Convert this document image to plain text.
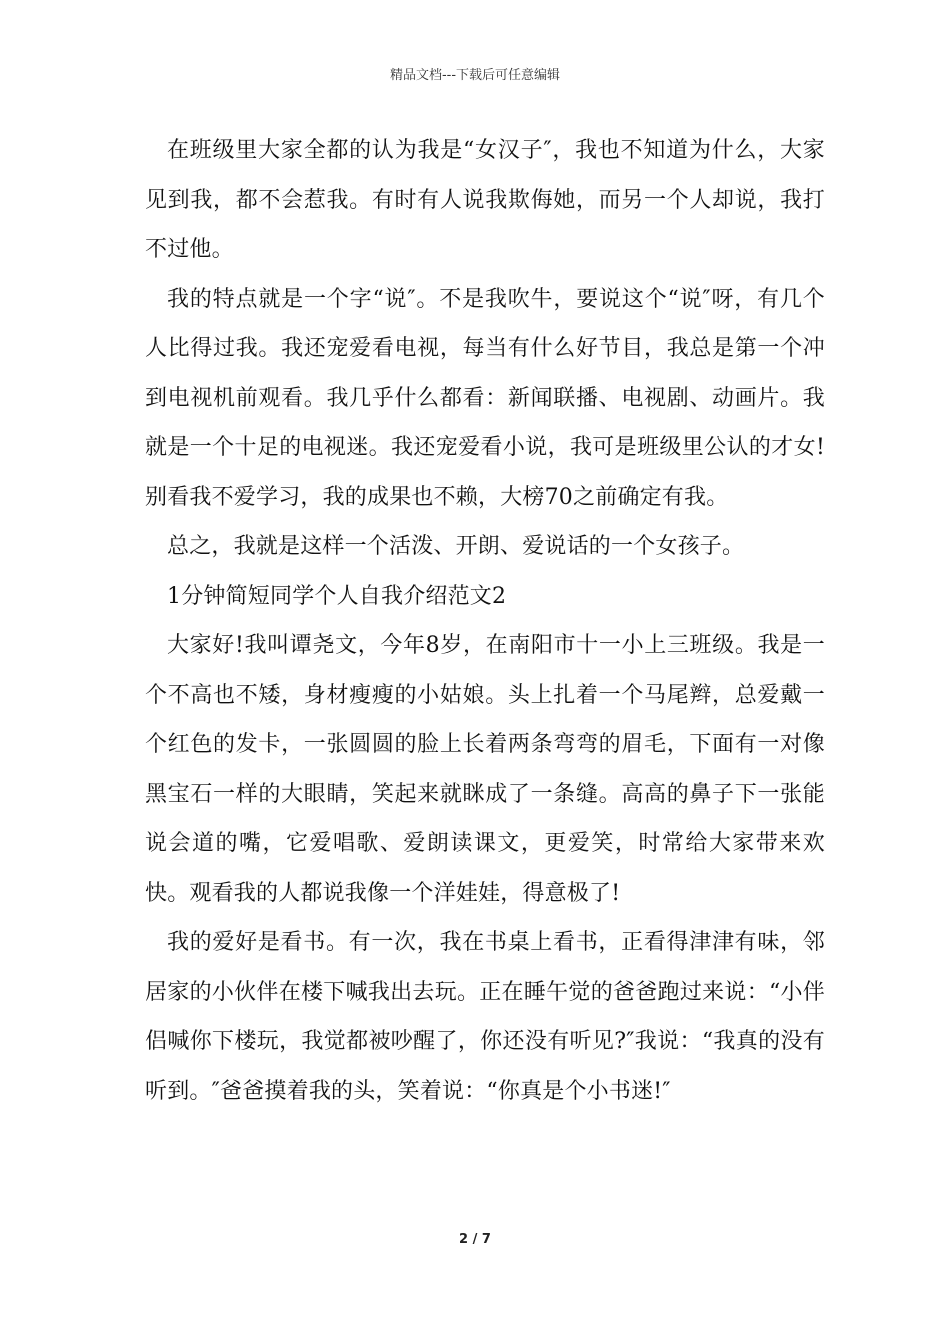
精品文档---下载后可任意编辑

在班级里大家全都的认为我是“女汉子″，我也不知道为什么，大家见到我，都不会惹我。有时有人说我欺侮她，而另一个人却说，我打不过他。

我的特点就是一个字“说″。不是我吹牛，要说这个“说″呀，有几个人比得过我。我还宠爱看电视，每当有什么好节目，我总是第一个冲到电视机前观看。我几乎什么都看：新闻联播、电视剧、动画片。我就是一个十足的电视迷。我还宠爱看小说，我可是班级里公认的才女!别看我不爱学习，我的成果也不赖，大榜70之前确定有我。

总之，我就是这样一个活泼、开朗、爱说话的一个女孩子。

1分钟简短同学个人自我介绍范文2

大家好!我叫谭尧文，今年8岁，在南阳市十一小上三班级。我是一个不高也不矮，身材瘦瘦的小姑娘。头上扎着一个马尾辫，总爱戴一个红色的发卡，一张圆圆的脸上长着两条弯弯的眉毛，下面有一对像黑宝石一样的大眼睛，笑起来就眯成了一条缝。高高的鼻子下一张能说会道的嘴，它爱唱歌、爱朗读课文，更爱笑，时常给大家带来欢快。观看我的人都说我像一个洋娃娃，得意极了!

我的爱好是看书。有一次，我在书桌上看书，正看得津津有味，邻居家的小伙伴在楼下喊我出去玩。正在睡午觉的爸爸跑过来说：“小伴侣喊你下楼玩，我觉都被吵醒了，你还没有听见?″我说：“我真的没有听到。″爸爸摸着我的头，笑着说：“你真是个小书迷!″

2 / 7
